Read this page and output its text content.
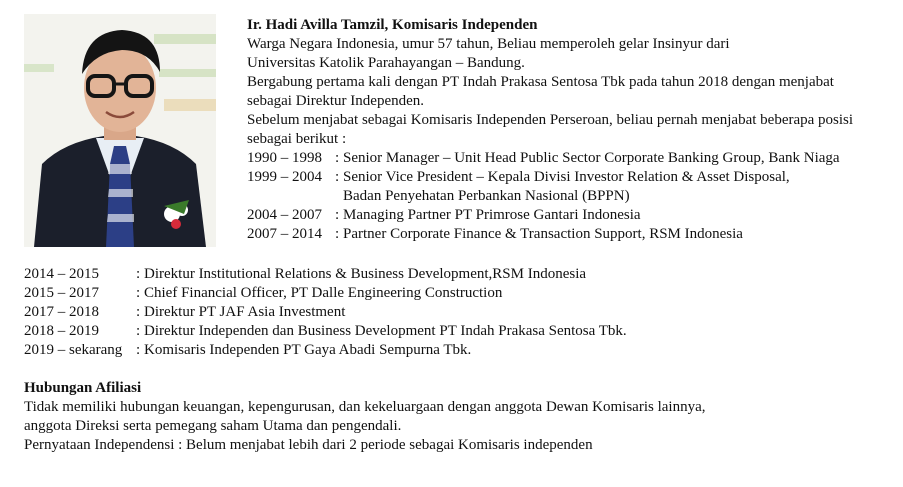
Ir. Hadi Avilla Tamzil, Komisaris Independen
Warga Negara Indonesia, umur 57 tahun, Beliau memperoleh gelar Insinyur dari
Universitas Katolik Parahayangan – Bandung.
Bergabung pertama kali dengan PT Indah Prakasa Sentosa Tbk pada tahun 2018 dengan menjabat
sebagai Direktur Independen.
Sebelum menjabat sebagai Komisaris Independen Perseroan, beliau pernah menjabat beberapa posisi
sebagai berikut :
1990 – 1998 : Senior Manager – Unit Head Public Sector Corporate Banking Group, Bank Niaga
1999 – 2004 : Senior Vice President – Kepala Divisi Investor Relation & Asset Disposal,
Badan Penyehatan Perbankan Nasional (BPPN)
2004 – 2007 : Managing Partner PT Primrose Gantari Indonesia
2007 – 2014 : Partner Corporate Finance & Transaction Support, RSM Indonesia
2014 – 2015	: Direktur Institutional Relations & Business Development,RSM Indonesia
2015 – 2017	: Chief Financial Officer, PT Dalle Engineering Construction
2017 – 2018	: Direktur PT JAF Asia Investment
2018 – 2019	: Direktur Independen dan Business Development PT Indah Prakasa Sentosa Tbk.
2019 – sekarang : Komisaris Independen PT Gaya Abadi Sempurna Tbk.
Hubungan Afiliasi
Tidak memiliki hubungan keuangan, kepengurusan, dan kekeluargaan dengan anggota Dewan Komisaris lainnya,
anggota Direksi serta pemegang saham Utama dan pengendali.
Pernyataan Independensi : Belum menjabat lebih dari 2 periode sebagai Komisaris independen
